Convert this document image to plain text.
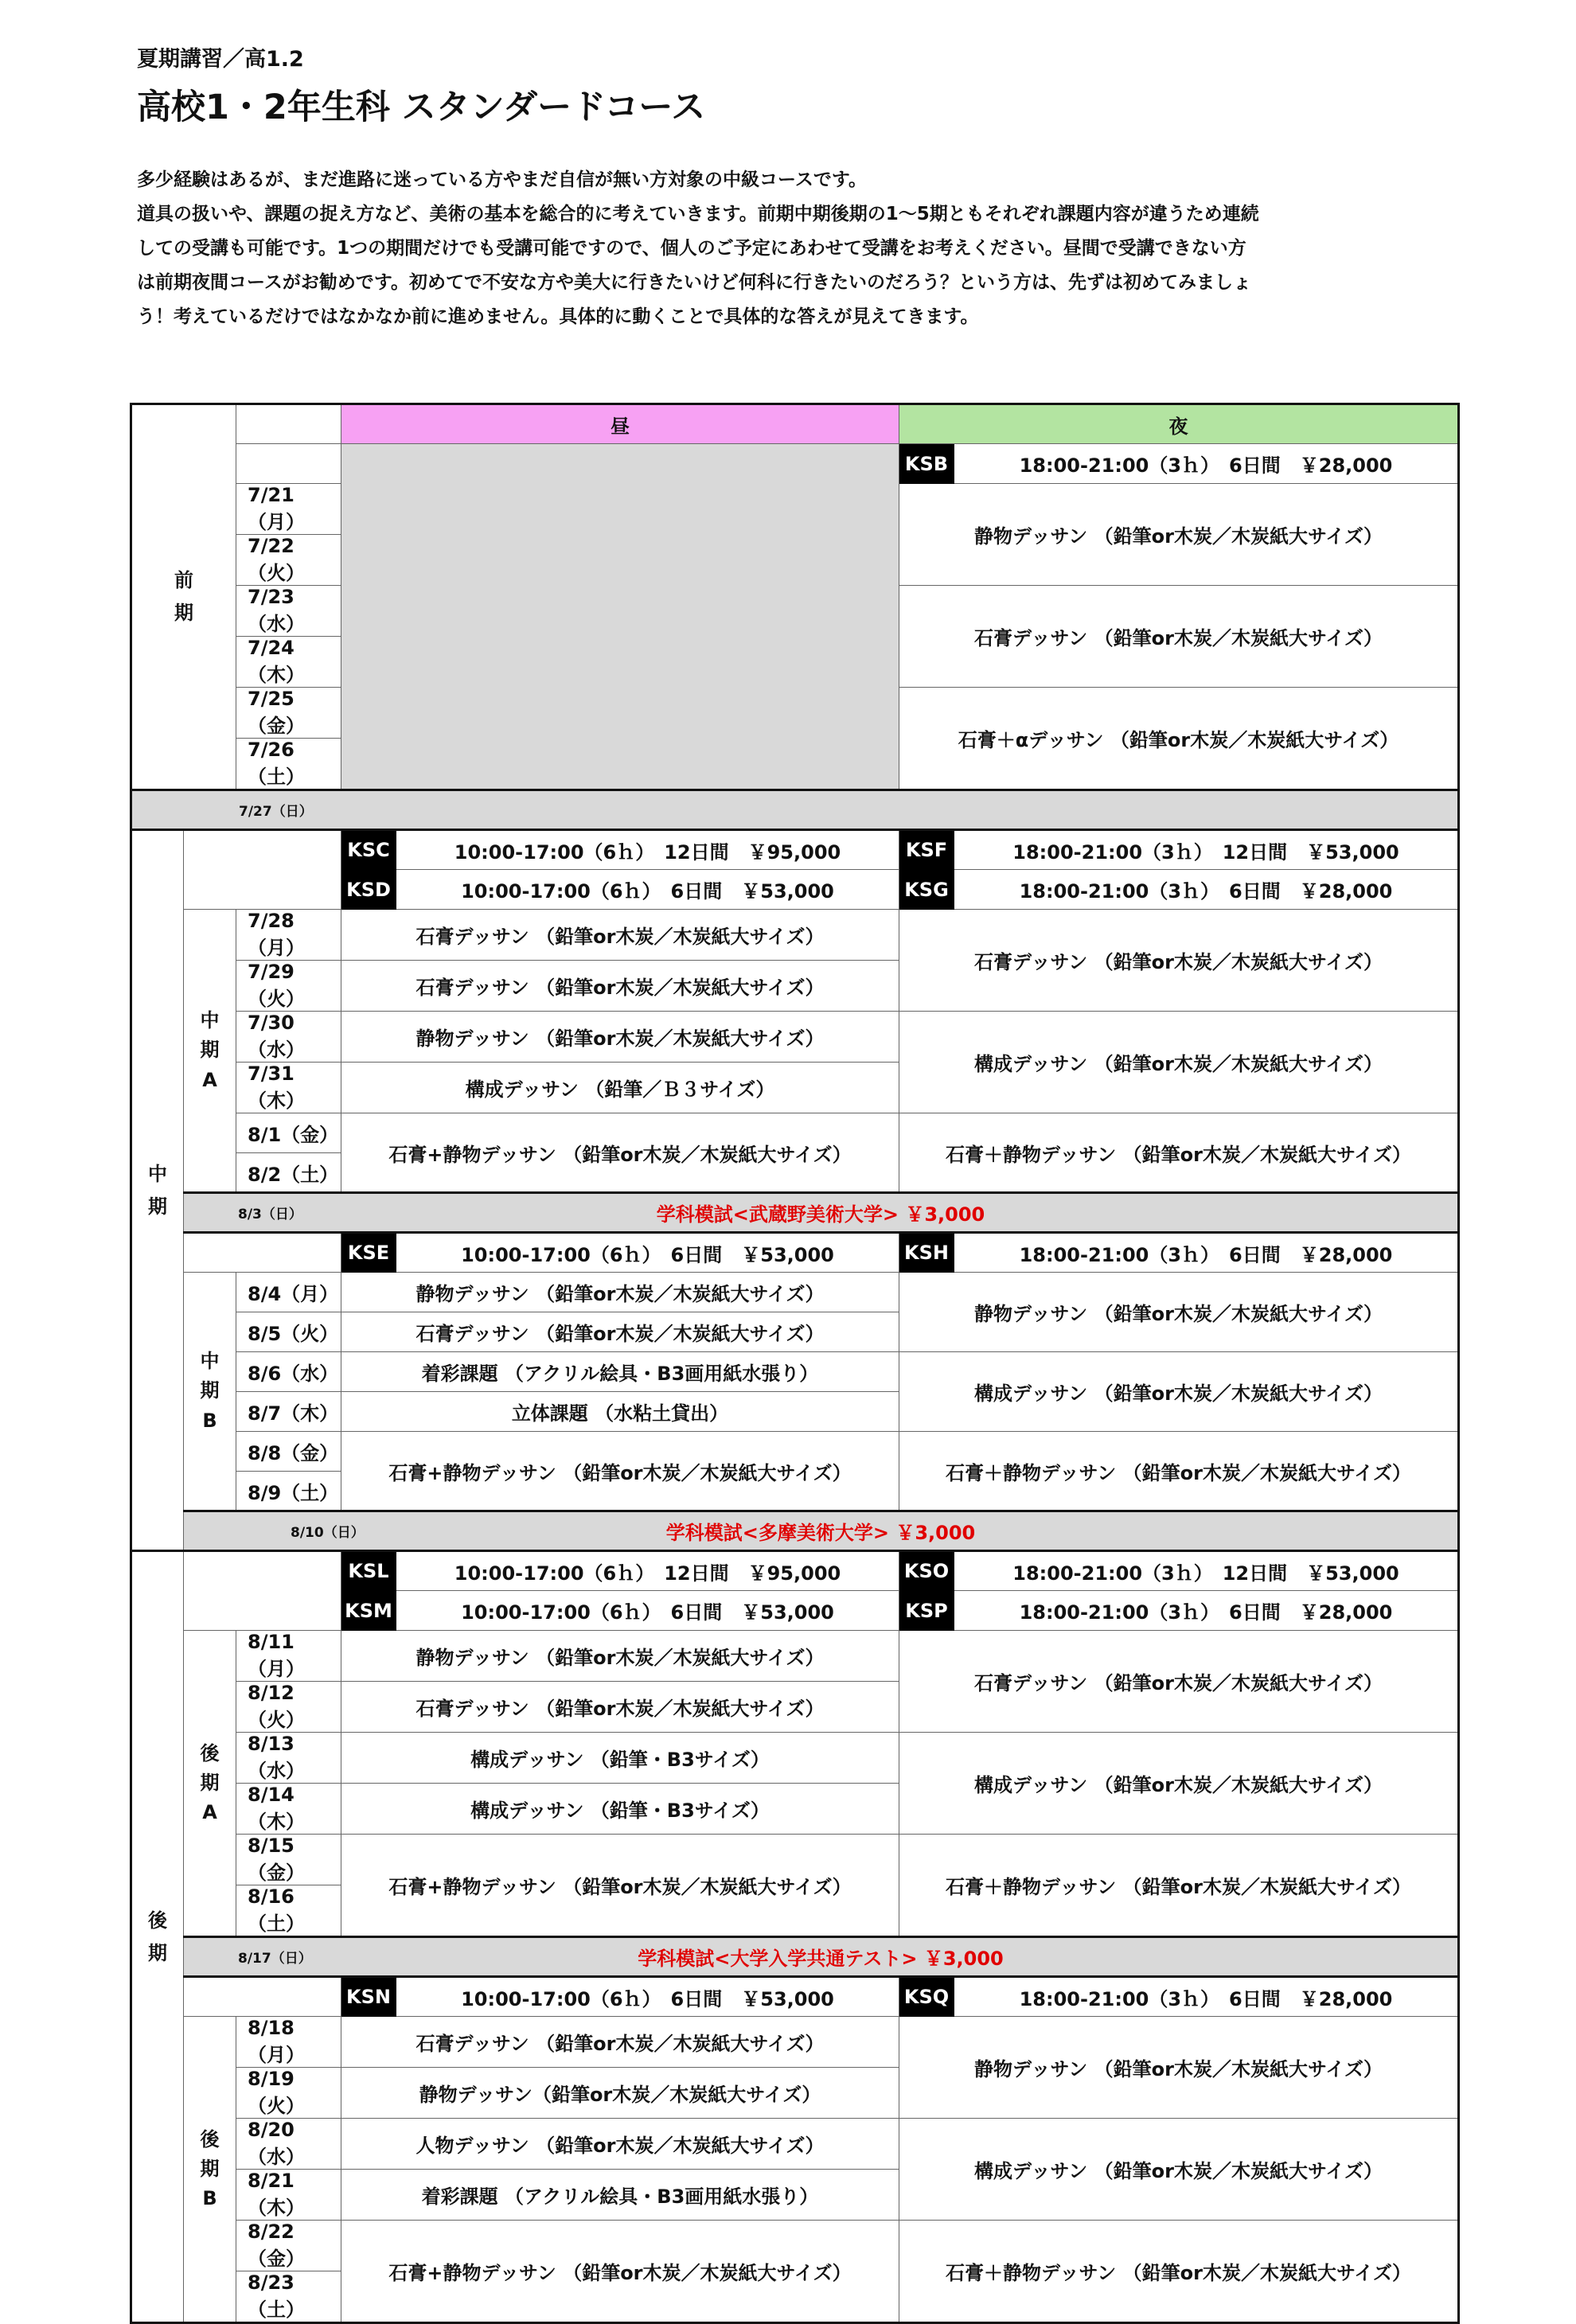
夏期講習／高1.2

高校1・2年生科 スタンダードコース

多少経験はあるが、まだ進路に迷っている方やまだ自信が無い方対象の中級コースです。

道具の扱いや、課題の捉え方など、美術の基本を総合的に考えていきます。前期中期後期の1～5期ともそれぞれ課題内容が違うため連続

しての受講も可能です。1つの期間だけでも受講可能ですので、個人のご予定にあわせて受講をお考えください。昼間で受講できない方

は前期夜間コースがお勧めです。初めてで不安な方や美大に行きたいけど何科に行きたいのだろう？という方は、先ずは初めてみましょ

う！考えているだけではなかなか前に進めません。具体的に動くことで具体的な答えが見えてきます。

前
期			昼		夜	
					KSB	18:00-21:00（3ｈ）　6日間　￥28,000
		7/21（月）			静物デッサン （鉛筆or木炭／木炭紙大サイズ）	
		7/22（火）				
		7/23（水）			石膏デッサン （鉛筆or木炭／木炭紙大サイズ）	
		7/24（木）				
		7/25（金）			石膏＋αデッサン （鉛筆or木炭／木炭紙大サイズ）	
		7/26（土）				

7/27（日）						

中
期			KSC	10:00-17:00（6ｈ）　12日間　￥95,000	KSF	18:00-21:00（3ｈ）　12日間　￥53,000
			KSD	10:00-17:00（6ｈ）　6日間　￥53,000	KSG	18:00-21:00（3ｈ）　6日間　￥28,000
	中
期
A	7/28（月）	石膏デッサン （鉛筆or木炭／木炭紙大サイズ）		石膏デッサン （鉛筆or木炭／木炭紙大サイズ）	
		7/29（火）	石膏デッサン （鉛筆or木炭／木炭紙大サイズ）			
		7/30（水）	静物デッサン （鉛筆or木炭／木炭紙大サイズ）		構成デッサン （鉛筆or木炭／木炭紙大サイズ）	
		7/31（木）	構成デッサン （鉛筆／Ｂ３サイズ）			
		8/1（金）	石膏+静物デッサン （鉛筆or木炭／木炭紙大サイズ）		石膏＋静物デッサン （鉛筆or木炭／木炭紙大サイズ）	
		8/2（土）				

8/3（日） 学科模試<武蔵野美術大学> ￥3,000					
			KSE	10:00-17:00（6ｈ）　6日間　￥53,000	KSH	18:00-21:00（3ｈ）　6日間　￥28,000
	中
期
B	8/4（月）	静物デッサン （鉛筆or木炭／木炭紙大サイズ）		静物デッサン （鉛筆or木炭／木炭紙大サイズ）	
		8/5（火）	石膏デッサン （鉛筆or木炭／木炭紙大サイズ）			
		8/6（水）	着彩課題 （アクリル絵具・B3画用紙水張り）		構成デッサン （鉛筆or木炭／木炭紙大サイズ）	
		8/7（木）	立体課題 （水粘土貸出）			
		8/8（金）	石膏+静物デッサン （鉛筆or木炭／木炭紙大サイズ）		石膏＋静物デッサン （鉛筆or木炭／木炭紙大サイズ）	
		8/9（土）				

8/10（日） 学科模試<多摩美術大学> ￥3,000					
後
期			KSL	10:00-17:00（6ｈ）　12日間　￥95,000	KSO	18:00-21:00（3ｈ）　12日間　￥53,000
			KSM	10:00-17:00（6ｈ）　6日間　￥53,000	KSP	18:00-21:00（3ｈ）　6日間　￥28,000
	後
期
A	8/11（月）	静物デッサン （鉛筆or木炭／木炭紙大サイズ）		石膏デッサン （鉛筆or木炭／木炭紙大サイズ）	
		8/12（火）	石膏デッサン （鉛筆or木炭／木炭紙大サイズ）			
		8/13（水）	構成デッサン （鉛筆・B3サイズ）		構成デッサン （鉛筆or木炭／木炭紙大サイズ）	
		8/14（木）	構成デッサン （鉛筆・B3サイズ）			
		8/15（金）	石膏+静物デッサン （鉛筆or木炭／木炭紙大サイズ）		石膏＋静物デッサン （鉛筆or木炭／木炭紙大サイズ）	
		8/16（土）				

8/17（日） 学科模試<大学入学共通テスト> ￥3,000					
			KSN	10:00-17:00（6ｈ）　6日間　￥53,000	KSQ	18:00-21:00（3ｈ）　6日間　￥28,000
	後
期
B	8/18（月）	石膏デッサン （鉛筆or木炭／木炭紙大サイズ）		静物デッサン （鉛筆or木炭／木炭紙大サイズ）	
		8/19（火）	静物デッサン（鉛筆or木炭／木炭紙大サイズ）			
		8/20（水）	人物デッサン （鉛筆or木炭／木炭紙大サイズ）		構成デッサン （鉛筆or木炭／木炭紙大サイズ）	
		8/21（木）	着彩課題 （アクリル絵具・B3画用紙水張り）			
		8/22（金）	石膏+静物デッサン （鉛筆or木炭／木炭紙大サイズ）		石膏＋静物デッサン （鉛筆or木炭／木炭紙大サイズ）	
		8/23（土）				
